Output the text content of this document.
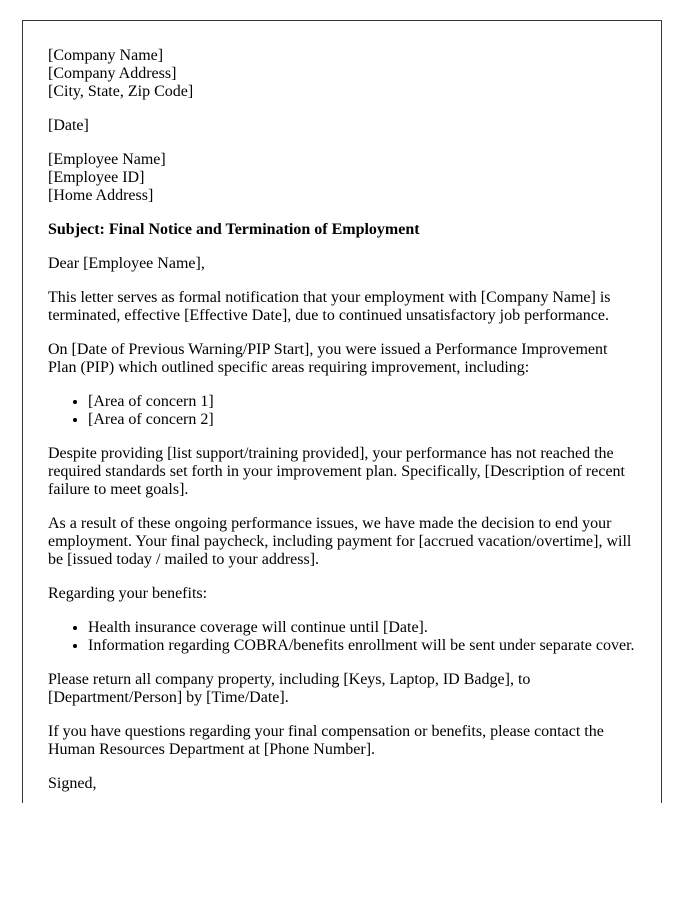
[Company Name]
[Company Address]
[City, State, Zip Code]
[Date]
[Employee Name]
[Employee ID]
[Home Address]
Subject: Final Notice and Termination of Employment
Dear [Employee Name],
This letter serves as formal notification that your employment with [Company Name] is terminated, effective [Effective Date], due to continued unsatisfactory job performance.
On [Date of Previous Warning/PIP Start], you were issued a Performance Improvement Plan (PIP) which outlined specific areas requiring improvement, including:
• [Area of concern 1]
• [Area of concern 2]
Despite providing [list support/training provided], your performance has not reached the required standards set forth in your improvement plan. Specifically, [Description of recent failure to meet goals].
As a result of these ongoing performance issues, we have made the decision to end your employment. Your final paycheck, including payment for [accrued vacation/overtime], will be [issued today / mailed to your address].
Regarding your benefits:
• Health insurance coverage will continue until [Date].
• Information regarding COBRA/benefits enrollment will be sent under separate cover.
Please return all company property, including [Keys, Laptop, ID Badge], to [Department/Person] by [Time/Date].
If you have questions regarding your final compensation or benefits, please contact the Human Resources Department at [Phone Number].
Signed,
